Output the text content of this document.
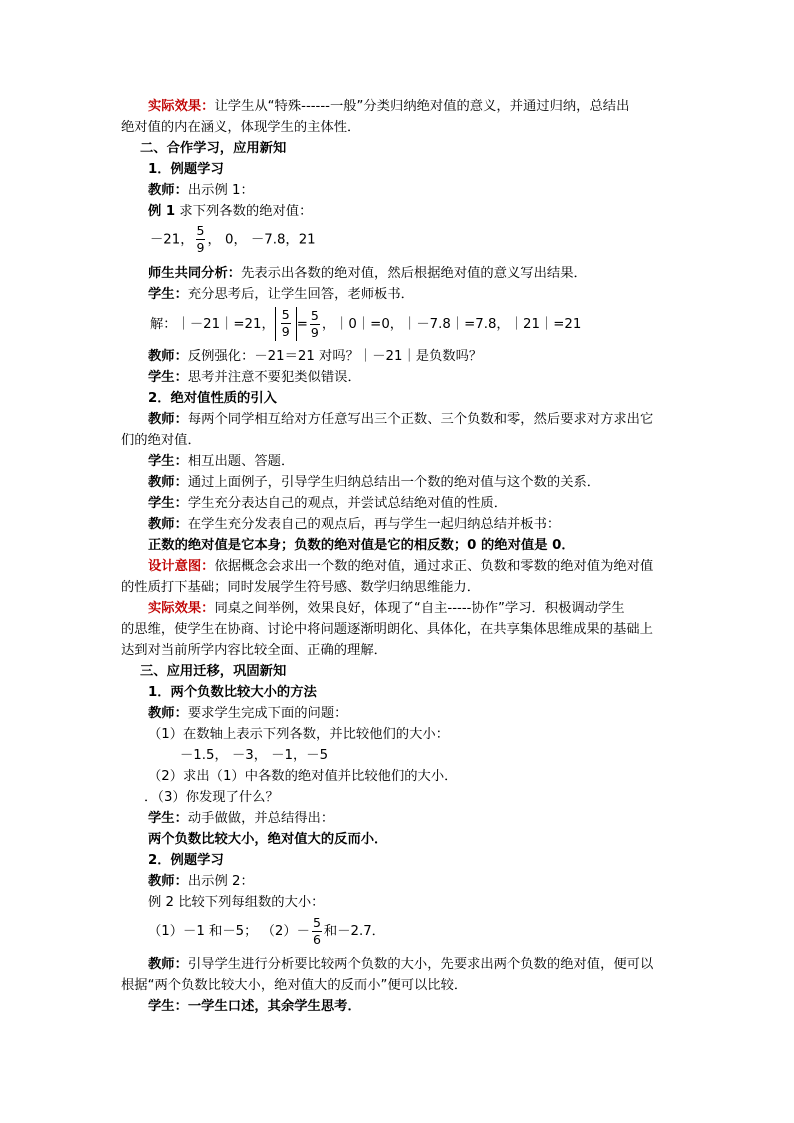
实际效果：让学生从“特殊------一般”分类归纳绝对值的意义，并通过归纳，总结出
绝对值的内在涵义，体现学生的主体性．
二、合作学习，应用新知
1．例题学习
教师：出示例 1：
例 1 求下列各数的绝对值：
－21， $\frac{5}{9}$ ， 0， －7.8，21
师生共同分析：先表示出各数的绝对值，然后根据绝对值的意义写出结果．
学生：充分思考后，让学生回答，老师板书．
解：｜－21｜=21， $\frac{5}{9} = \frac{5}{9}$ ，｜0｜=0，｜－7.8｜=7.8，｜21｜=21
教师：反例强化：－21＝21 对吗？｜－21｜是负数吗？
学生：思考并注意不要犯类似错误．
2．绝对值性质的引入
教师：每两个同学相互给对方任意写出三个正数、三个负数和零，然后要求对方求出它
们的绝对值．
学生：相互出题、答题．
教师：通过上面例子，引导学生归纳总结出一个数的绝对值与这个数的关系．
学生：学生充分表达自己的观点，并尝试总结绝对值的性质．
教师：在学生充分发表自己的观点后，再与学生一起归纳总结并板书：
正数的绝对值是它本身；负数的绝对值是它的相反数；0 的绝对值是 0．
设计意图：依据概念会求出一个数的绝对值，通过求正、负数和零数的绝对值为绝对值
的性质打下基础；同时发展学生符号感、数学归纳思维能力．
实际效果：同桌之间举例，效果良好，体现了“自主-----协作”学习．积极调动学生
的思维，使学生在协商、讨论中将问题逐渐明朗化、具体化，在共享集体思维成果的基础上
达到对当前所学内容比较全面、正确的理解．
三、应用迁移，巩固新知
1．两个负数比较大小的方法
教师：要求学生完成下面的问题：
（1）在数轴上表示下列各数，并比较他们的大小：
－1.5， －3， －1，－5
（2）求出（1）中各数的绝对值并比较他们的大小．
．（3）你发现了什么？
学生：动手做做，并总结得出：
两个负数比较大小，绝对值大的反而小．
2．例题学习
教师：出示例 2：
例 2 比较下列每组数的大小：
（1）－1 和－5； $(2)- \frac{5}{6}$ 和－2.7．
教师：引导学生进行分析要比较两个负数的大小，先要求出两个负数的绝对值，便可以
根据“两个负数比较大小，绝对值大的反而小”便可以比较．
学生：一学生口述，其余学生思考．
